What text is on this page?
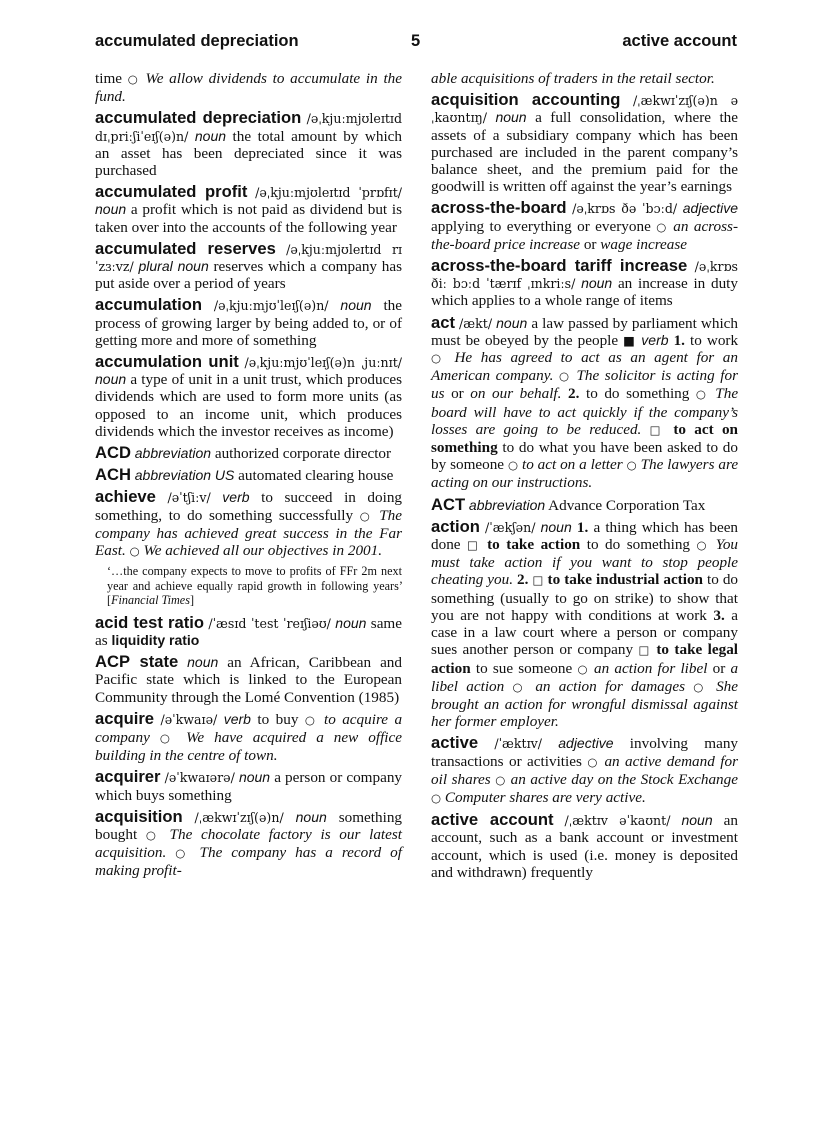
accumulated depreciation	5	active account

time ○ We allow dividends to accumulate in the fund.

accumulated depreciation /əˌkjuːmjʊleɪtɪd dɪˌpriːʃiˈeɪʃ(ə)n/ noun the total amount by which an asset has been depreciated since it was purchased

accumulated profit /əˌkjuːmjʊleɪtɪd ˈprɒfɪt/ noun a profit which is not paid as dividend but is taken over into the accounts of the following year

accumulated reserves /əˌkjuːmjʊleɪtɪd rɪˈzɜːvz/ plural noun reserves which a company has put aside over a period of years

accumulation /əˌkjuːmjʊˈleɪʃ(ə)n/ noun the process of growing larger by being added to, or of getting more and more of something

accumulation unit /əˌkjuːmjʊˈleɪʃ(ə)n ˌjuːnɪt/ noun a type of unit in a unit trust, which produces dividends which are used to form more units (as opposed to an income unit, which produces dividends which the investor receives as income)

ACD abbreviation authorized corporate director

ACH abbreviation US automated clearing house

achieve /əˈtʃiːv/ verb to succeed in doing something, to do something successfully ○ The company has achieved great success in the Far East. ○ We achieved all our objectives in 2001.

‘…the company expects to move to profits of FFr 2m next year and achieve equally rapid growth in following years’ [Financial Times]

acid test ratio /ˈæsɪd ˈtest ˈreɪʃiəʊ/ noun same as liquidity ratio

ACP state noun an African, Caribbean and Pacific state which is linked to the European Community through the Lomé Convention (1985)

acquire /əˈkwaɪə/ verb to buy ○ to acquire a company ○ We have acquired a new office building in the centre of town.

acquirer /əˈkwaɪərə/ noun a person or company which buys something

acquisition /ˌækwɪˈzɪʃ(ə)n/ noun something bought ○ The chocolate factory is our latest acquisition. ○ The company has a record of making profit-

able acquisitions of traders in the retail sector.

acquisition accounting /ˌækwɪˈzɪʃ(ə)n əˌkaʊntɪŋ/ noun a full consolidation, where the assets of a subsidiary company which has been purchased are included in the parent company’s balance sheet, and the premium paid for the goodwill is written off against the year’s earnings

across-the-board /əˌkrɒs ðə ˈbɔːd/ adjective applying to everything or everyone ○ an across-the-board price increase or wage increase

across-the-board tariff increase /əˌkrɒs ðiː bɔːd ˈtærɪf ˌɪnkriːs/ noun an increase in duty which applies to a whole range of items

act /ækt/ noun a law passed by parliament which must be obeyed by the people ■ verb 1. to work ○ He has agreed to act as an agent for an American company. ○ The solicitor is acting for us or on our behalf. 2. to do something ○ The board will have to act quickly if the company’s losses are going to be reduced. □ to act on something to do what you have been asked to do by someone ○ to act on a letter ○ The lawyers are acting on our instructions.

ACT abbreviation Advance Corporation Tax

action /ˈækʃən/ noun 1. a thing which has been done □ to take action to do something ○ You must take action if you want to stop people cheating you. 2. □ to take industrial action to do something (usually to go on strike) to show that you are not happy with conditions at work 3. a case in a law court where a person or company sues another person or company □ to take legal action to sue someone ○ an action for libel or a libel action ○ an action for damages ○ She brought an action for wrongful dismissal against her former employer.

active /ˈæktɪv/ adjective involving many transactions or activities ○ an active demand for oil shares ○ an active day on the Stock Exchange ○ Computer shares are very active.

active account /ˌæktɪv əˈkaʊnt/ noun an account, such as a bank account or investment account, which is used (i.e. money is deposited and withdrawn) frequently
